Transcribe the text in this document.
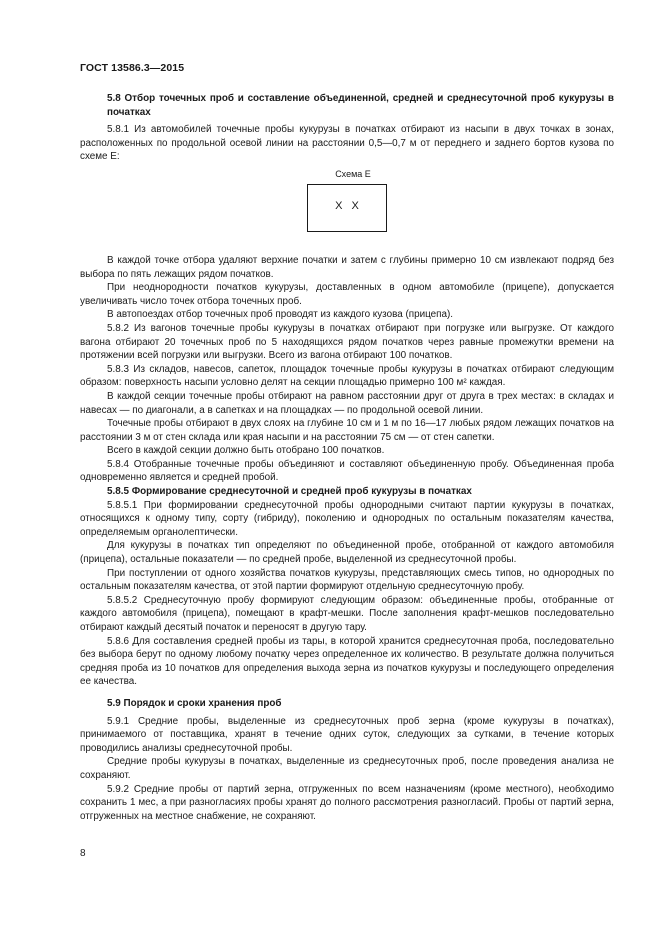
ГОСТ 13586.3—2015

5.8 Отбор точечных проб и составление объединенной, средней и среднесуточной проб кукурузы в початках

5.8.1 Из автомобилей точечные пробы кукурузы в початках отбирают из насыпи в двух точках в зонах, расположенных по продольной осевой линии на расстоянии 0,5—0,7 м от переднего и заднего бортов кузова по схеме Е:

Схема Е
X X

В каждой точке отбора удаляют верхние початки и затем с глубины примерно 10 см извлекают подряд без выбора по пять лежащих рядом початков.

При неоднородности початков кукурузы, доставленных в одном автомобиле (прицепе), допускается увеличивать число точек отбора точечных проб.

В автопоездах отбор точечных проб проводят из каждого кузова (прицепа).

5.8.2 Из вагонов точечные пробы кукурузы в початках отбирают при погрузке или выгрузке. От каждого вагона отбирают 20 точечных проб по 5 находящихся рядом початков через равные промежутки времени на протяжении всей погрузки или выгрузки. Всего из вагона отбирают 100 початков.

5.8.3 Из складов, навесов, сапеток, площадок точечные пробы кукурузы в початках отбирают следующим образом: поверхность насыпи условно делят на секции площадью примерно 100 м² каждая.

В каждой секции точечные пробы отбирают на равном расстоянии друг от друга в трех местах: в складах и навесах — по диагонали, а в сапетках и на площадках — по продольной осевой линии.

Точечные пробы отбирают в двух слоях на глубине 10 см и 1 м по 16—17 любых рядом лежащих початков на расстоянии 3 м от стен склада или края насыпи и на расстоянии 75 см — от стен сапетки.

Всего в каждой секции должно быть отобрано 100 початков.

5.8.4 Отобранные точечные пробы объединяют и составляют объединенную пробу. Объединенная проба одновременно является и средней пробой.

5.8.5 Формирование среднесуточной и средней проб кукурузы в початках

5.8.5.1 При формировании среднесуточной пробы однородными считают партии кукурузы в початках, относящихся к одному типу, сорту (гибриду), поколению и однородных по остальным показателям качества, определяемым органолептически.

Для кукурузы в початках тип определяют по объединенной пробе, отобранной от каждого автомобиля (прицепа), остальные показатели — по средней пробе, выделенной из среднесуточной пробы.

При поступлении от одного хозяйства початков кукурузы, представляющих смесь типов, но однородных по остальным показателям качества, от этой партии формируют отдельную среднесуточную пробу.

5.8.5.2 Среднесуточную пробу формируют следующим образом: объединенные пробы, отобранные от каждого автомобиля (прицепа), помещают в крафт-мешки. После заполнения крафт-мешков последовательно отбирают каждый десятый початок и переносят в другую тару.

5.8.6 Для составления средней пробы из тары, в которой хранится среднесуточная проба, последовательно без выбора берут по одному любому початку через определенное их количество. В результате должна получиться средняя проба из 10 початков для определения выхода зерна из початков кукурузы и последующего определения ее качества.

5.9 Порядок и сроки хранения проб

5.9.1 Средние пробы, выделенные из среднесуточных проб зерна (кроме кукурузы в початках), принимаемого от поставщика, хранят в течение одних суток, следующих за сутками, в течение которых проводились анализы среднесуточной пробы.

Средние пробы кукурузы в початках, выделенные из среднесуточных проб, после проведения анализа не сохраняют.

5.9.2 Средние пробы от партий зерна, отгруженных по всем назначениям (кроме местного), необходимо сохранить 1 мес, а при разногласиях пробы хранят до полного рассмотрения разногласий. Пробы от партий зерна, отгруженных на местное снабжение, не сохраняют.

8
